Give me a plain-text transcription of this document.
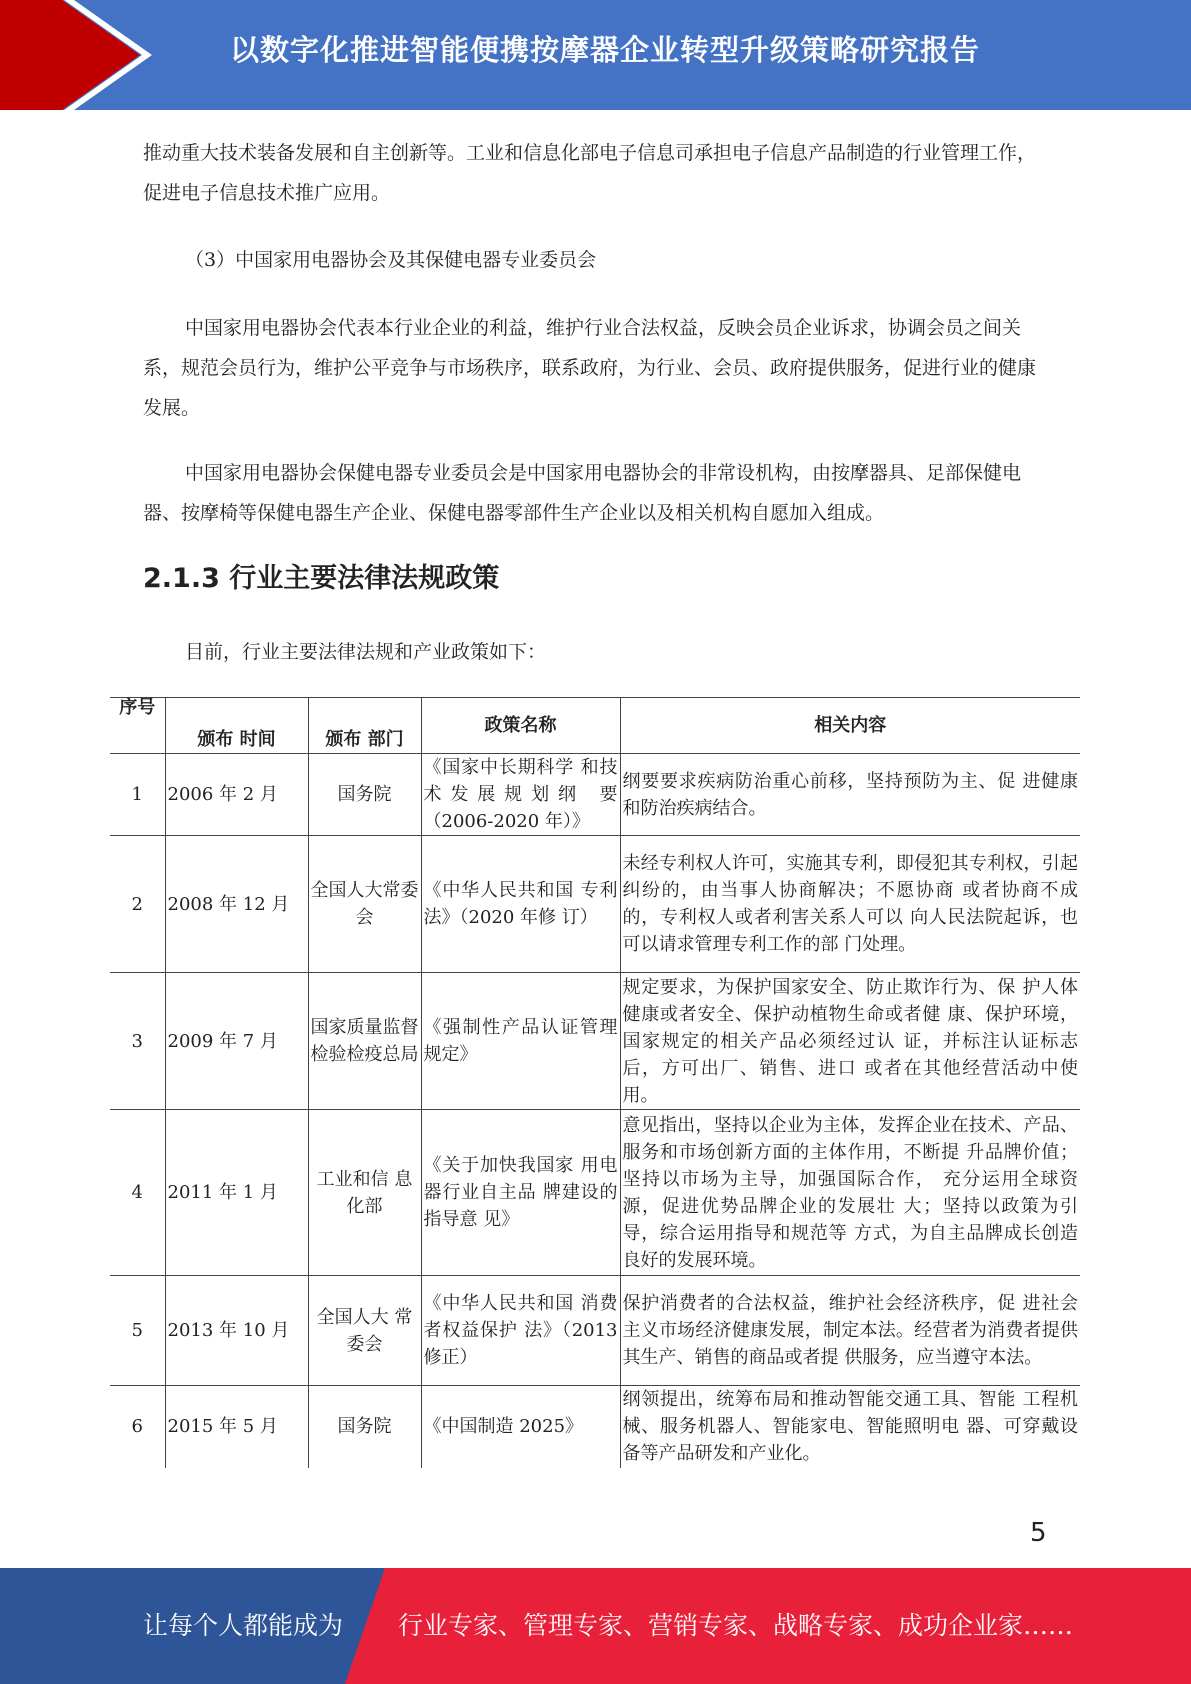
以数字化推进智能便携按摩器企业转型升级策略研究报告

推动重大技术装备发展和自主创新等。工业和信息化部电子信息司承担电子信息产品制造的行业管理工作，促进电子信息技术推广应用。

（3）中国家用电器协会及其保健电器专业委员会

中国家用电器协会代表本行业企业的利益，维护行业合法权益，反映会员企业诉求，协调会员之间关系，规范会员行为，维护公平竞争与市场秩序，联系政府，为行业、会员、政府提供服务，促进行业的健康发展。

中国家用电器协会保健电器专业委员会是中国家用电器协会的非常设机构，由按摩器具、足部保健电器、按摩椅等保健电器生产企业、保健电器零部件生产企业以及相关机构自愿加入组成。

2.1.3 行业主要法律法规政策

目前，行业主要法律法规和产业政策如下：

序号	颁布 时间	颁布 部门	政策名称	相关内容
1	2006 年 2 月	国务院	《国家中长期科学 和技术发展规划纲 要（2006-2020 年）》	纲要要求疾病防治重心前移，坚持预防为主、促 进健康和防治疾病结合。
2	2008 年 12 月	全国人大常委会	《中华人民共和国 专利法》（2020 年修 订）	未经专利权人许可，实施其专利，即侵犯其专利权，引起纠纷的，由当事人协商解决；不愿协商 或者协商不成的，专利权人或者利害关系人可以 向人民法院起诉，也可以请求管理专利工作的部 门处理。
3	2009 年 7 月	国家质量监督检验检疫总局	《强制性产品认证管理规定》	规定要求，为保护国家安全、防止欺诈行为、保 护人体健康或者安全、保护动植物生命或者健 康、保护环境，国家规定的相关产品必须经过认 证，并标注认证标志后，方可出厂、销售、进口 或者在其他经营活动中使用。
4	2011 年 1 月	工业和信 息化部	《关于加快我国家 用电器行业自主品 牌建设的指导意 见》	意见指出，坚持以企业为主体，发挥企业在技术、产品、服务和市场创新方面的主体作用，不断提 升品牌价值；坚持以市场为主导，加强国际合作， 充分运用全球资源，促进优势品牌企业的发展壮 大；坚持以政策为引导，综合运用指导和规范等 方式，为自主品牌成长创造良好的发展环境。
5	2013 年 10 月	全国人大 常委会	《中华人民共和国 消费者权益保护 法》（2013 修正）	保护消费者的合法权益，维护社会经济秩序，促 进社会主义市场经济健康发展，制定本法。经营者为消费者提供其生产、销售的商品或者提 供服务，应当遵守本法。
6	2015 年 5 月	国务院	《中国制造 2025》	纲领提出，统筹布局和推动智能交通工具、智能 工程机械、服务机器人、智能家电、智能照明电 器、可穿戴设备等产品研发和产业化。
5
让每个人都能成为 行业专家、管理专家、营销专家、战略专家、成功企业家……
